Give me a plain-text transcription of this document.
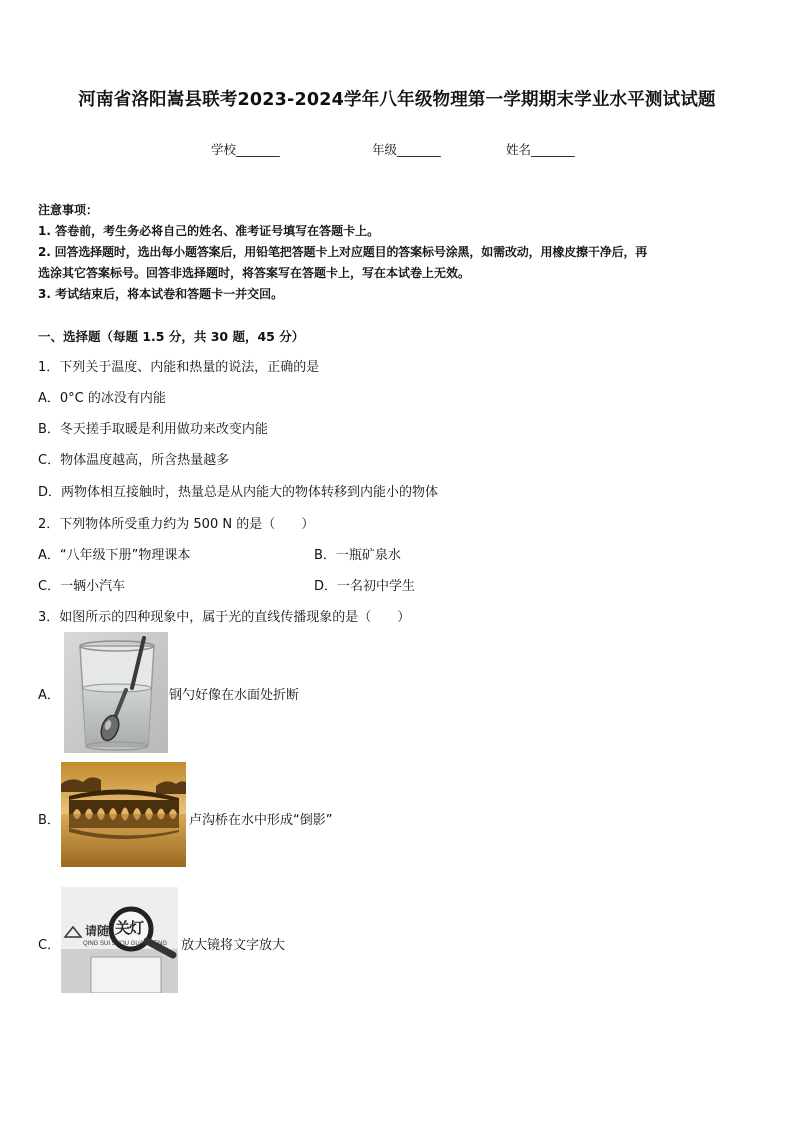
河南省洛阳嵩县联考2023-2024学年八年级物理第一学期期末学业水平测试试题
学校_______	年级_______	姓名_______
注意事项：
1. 答卷前，考生务必将自己的姓名、准考证号填写在答题卡上。
2. 回答选择题时，选出每小题答案后，用铅笔把答题卡上对应题目的答案标号涂黑，如需改动，用橡皮擦干净后，再
选涂其它答案标号。回答非选择题时，将答案写在答题卡上，写在本试卷上无效。
3. 考试结束后，将本试卷和答题卡一并交回。
一、选择题（每题 1.5 分，共 30 题，45 分）
1．下列关于温度、内能和热量的说法，正确的是
A．0°C 的冰没有内能
B．冬天搓手取暖是利用做功来改变内能
C．物体温度越高，所含热量越多
D．两物体相互接触时，热量总是从内能大的物体转移到内能小的物体
2．下列物体所受重力约为 500 N 的是（　　）
A．“八年级下册”物理课本	B．一瓶矿泉水
C．一辆小汽车	D．一名初中学生
3．如图所示的四种现象中，属于光的直线传播现象的是（　　）
A．	钢勺好像在水面处折断
B．	卢沟桥在水中形成“倒影”
C．
请随 关灯
QING SUI SHOU GUAN DENG 放大镜将文字放大
